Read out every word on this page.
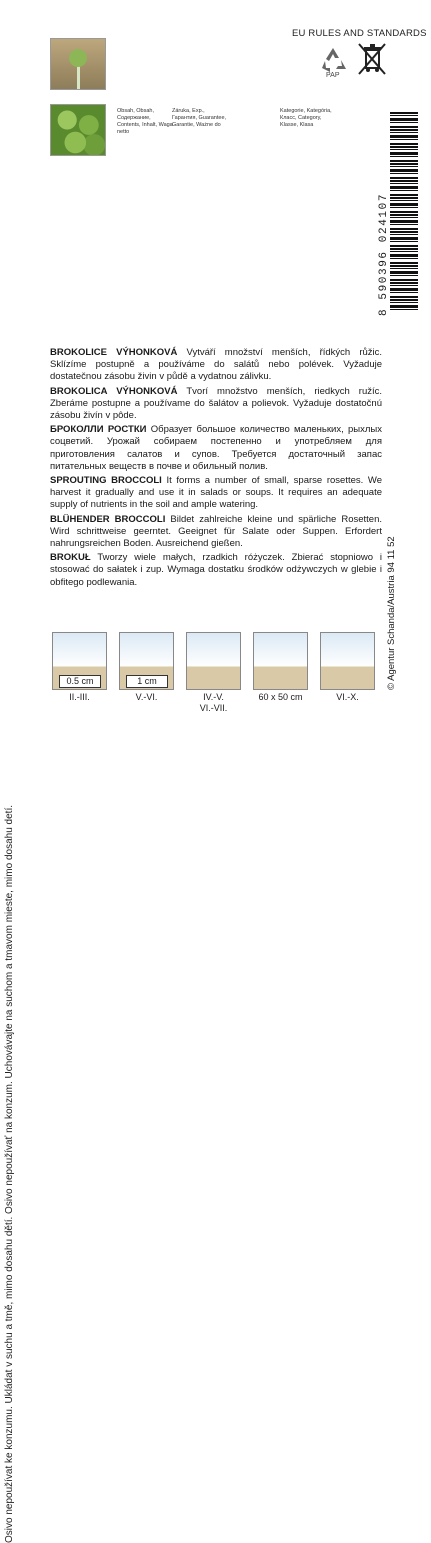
Osivo nepoužívat ke konzumu. Ukládat v suchu a tmě, mimo dosahu dětí. Osivo nepoužívať na konzum. Uchovávajte na suchom a tmavom mieste, mimo dosahu detí.
EU RULES AND STANDARDS
PAP
Obsah, Obsah, Содержание, Contents, Inhalt, Wagа netto
Záruka, Exp., Гарантия, Guarantee, Garantie, Ważne do
Kategorie, Kategória, Класс, Category, Klasse, Klasa
8 590396 024107
© Agentur Schanda/Austria 94 11 52

BROKOLICE VÝHONKOVÁ Vytváří množství menších, řídkých růžic. Sklízíme postupně a používáme do salátů nebo polévek. Vyžaduje dostatečnou zásobu živin v půdě a vydatnou zálivku.

BROKOLICA VÝHONKOVÁ Tvorí množstvo menších, riedkych ružíc. Zberáme postupne a používame do šalátov a polievok. Vyžaduje dostatočnú zásobu živín v pôde.

БРОКОЛЛИ РОСТКИ Образует большое количество маленьких, рыхлых соцветий. Урожай собираем постепенно и употребляем для приготовления салатов и супов. Требуется достаточный запас питательных веществ в почве и обильный полив.

SPROUTING BROCCOLI It forms a number of small, sparse rosettes. We harvest it gradually and use it in salads or soups. It requires an adequate supply of nutrients in the soil and ample watering.

BLÜHENDER BROCCOLI Bildet zahlreiche kleine und spärliche Rosetten. Wird schrittweise geerntet. Geeignet für Salate oder Suppen. Erfordert nahrungsreichen Boden. Ausreichend gießen.

BROKUŁ Tworzy wiele małych, rzadkich różyczek. Zbierać stopniowo i stosować do sałatek i zup. Wymaga dostatku środków odżywczych w glebie i obfitego podlewania.

0.5 cm
II.-III.
1 cm
V.-VI.	IV.-V.
VI.-VII.
60 x 50 cm	VI.-X.
